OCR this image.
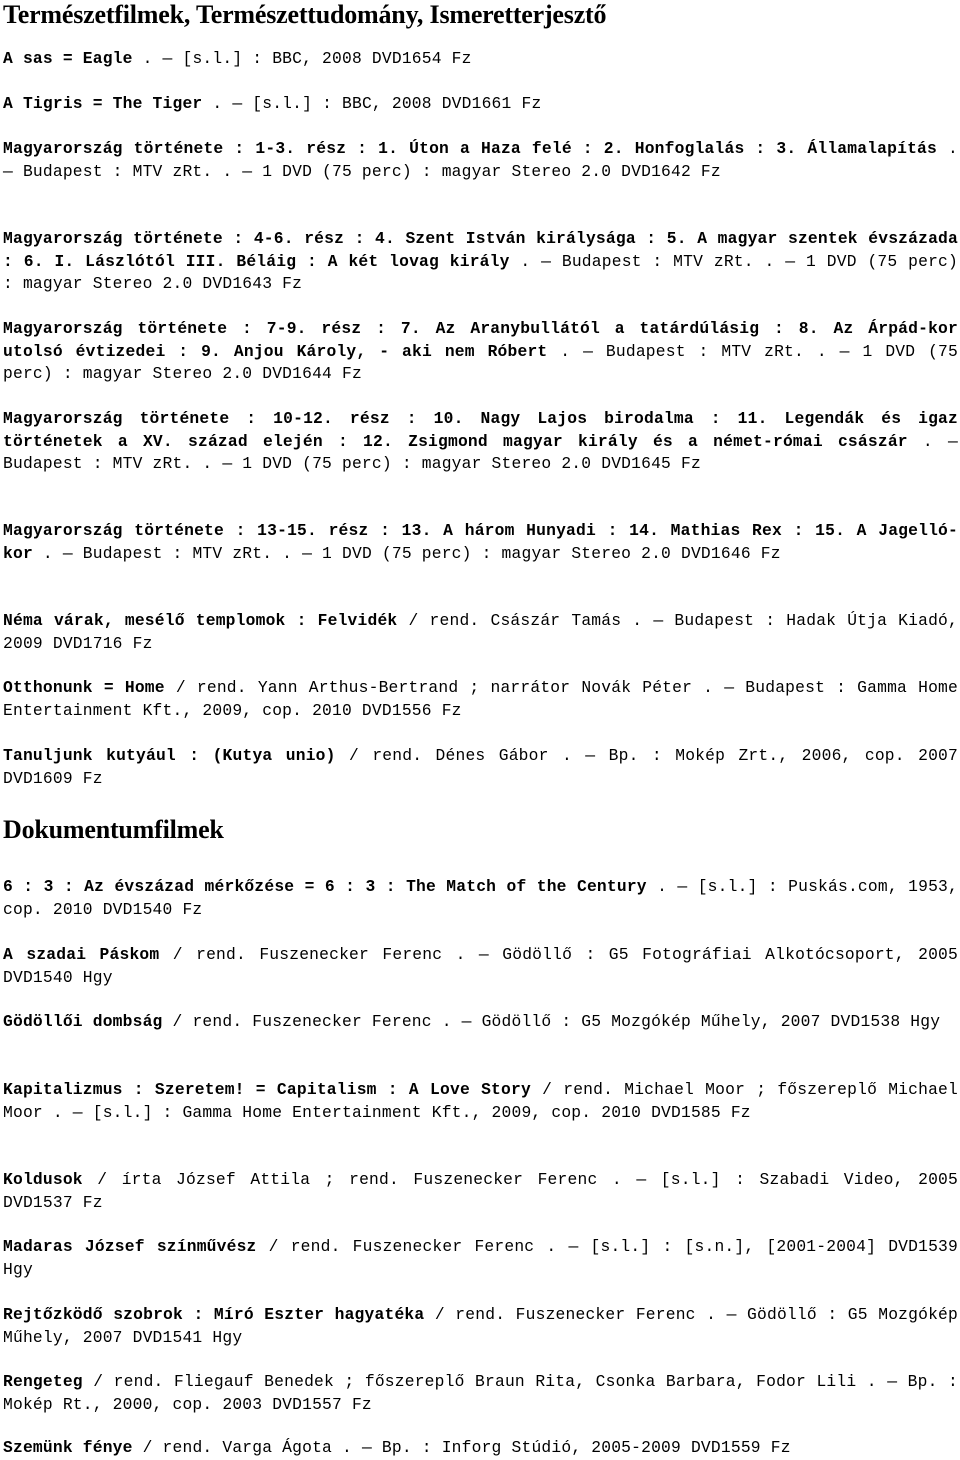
Természetfilmek, Természettudomány, Ismeretterjesztő

A sas = Eagle . — [s.l.] : BBC, 2008 DVD1654 Fz

A Tigris = The Tiger . — [s.l.] : BBC, 2008 DVD1661 Fz

Magyarország története : 1-3. rész : 1. Úton a Haza felé : 2. Honfoglalás : 3. Államalapítás . — Budapest : MTV zRt. . — 1 DVD (75 perc) : magyar Stereo 2.0 DVD1642 Fz

Magyarország története : 4-6. rész : 4. Szent István királysága : 5. A magyar szentek évszázada : 6. I. Lászlótól III. Béláig : A két lovag király . — Budapest : MTV zRt. . — 1 DVD (75 perc) : magyar Stereo 2.0 DVD1643 Fz

Magyarország története : 7-9. rész : 7. Az Aranybullától a tatárdúlásig : 8. Az Árpád-kor utolsó évtizedei : 9. Anjou Károly, - aki nem Róbert . — Budapest : MTV zRt. . — 1 DVD (75 perc) : magyar Stereo 2.0 DVD1644 Fz

Magyarország története : 10-12. rész : 10. Nagy Lajos birodalma : 11. Legendák és igaz történetek a XV. század elején : 12. Zsigmond magyar király és a német-római császár . — Budapest : MTV zRt. . — 1 DVD (75 perc) : magyar Stereo 2.0 DVD1645 Fz

Magyarország története : 13-15. rész : 13. A három Hunyadi : 14. Mathias Rex : 15. A Jagelló-kor . — Budapest : MTV zRt. . — 1 DVD (75 perc) : magyar Stereo 2.0 DVD1646 Fz

Néma várak, mesélő templomok : Felvidék / rend. Császár Tamás . — Budapest : Hadak Útja Kiadó, 2009 DVD1716 Fz

Otthonunk = Home / rend. Yann Arthus-Bertrand ; narrátor Novák Péter . — Budapest : Gamma Home Entertainment Kft., 2009, cop. 2010 DVD1556 Fz

Tanuljunk kutyául : (Kutya unio) / rend. Dénes Gábor . — Bp. : Mokép Zrt., 2006, cop. 2007 DVD1609 Fz

Dokumentumfilmek

6 : 3 : Az évszázad mérkőzése = 6 : 3 : The Match of the Century . — [s.l.] : Puskás.com, 1953, cop. 2010 DVD1540 Fz

A szadai Páskom / rend. Fuszenecker Ferenc . — Gödöllő : G5 Fotográfiai Alkotócsoport, 2005 DVD1540 Hgy

Gödöllői dombság / rend. Fuszenecker Ferenc . — Gödöllő : G5 Mozgókép Műhely, 2007 DVD1538 Hgy

Kapitalizmus : Szeretem! = Capitalism : A Love Story / rend. Michael Moor ; főszereplő Michael Moor . — [s.l.] : Gamma Home Entertainment Kft., 2009, cop. 2010 DVD1585 Fz

Koldusok / írta József Attila ; rend. Fuszenecker Ferenc . — [s.l.] : Szabadi Video, 2005 DVD1537 Fz

Madaras József színművész / rend. Fuszenecker Ferenc . — [s.l.] : [s.n.], [2001-2004] DVD1539 Hgy

Rejtőzködő szobrok : Míró Eszter hagyatéka / rend. Fuszenecker Ferenc . — Gödöllő : G5 Mozgókép Műhely, 2007 DVD1541 Hgy

Rengeteg / rend. Fliegauf Benedek ; főszereplő Braun Rita, Csonka Barbara, Fodor Lili . — Bp. : Mokép Rt., 2000, cop. 2003 DVD1557 Fz

Szemünk fénye / rend. Varga Ágota . — Bp. : Inforg Stúdió, 2005-2009 DVD1559 Fz
